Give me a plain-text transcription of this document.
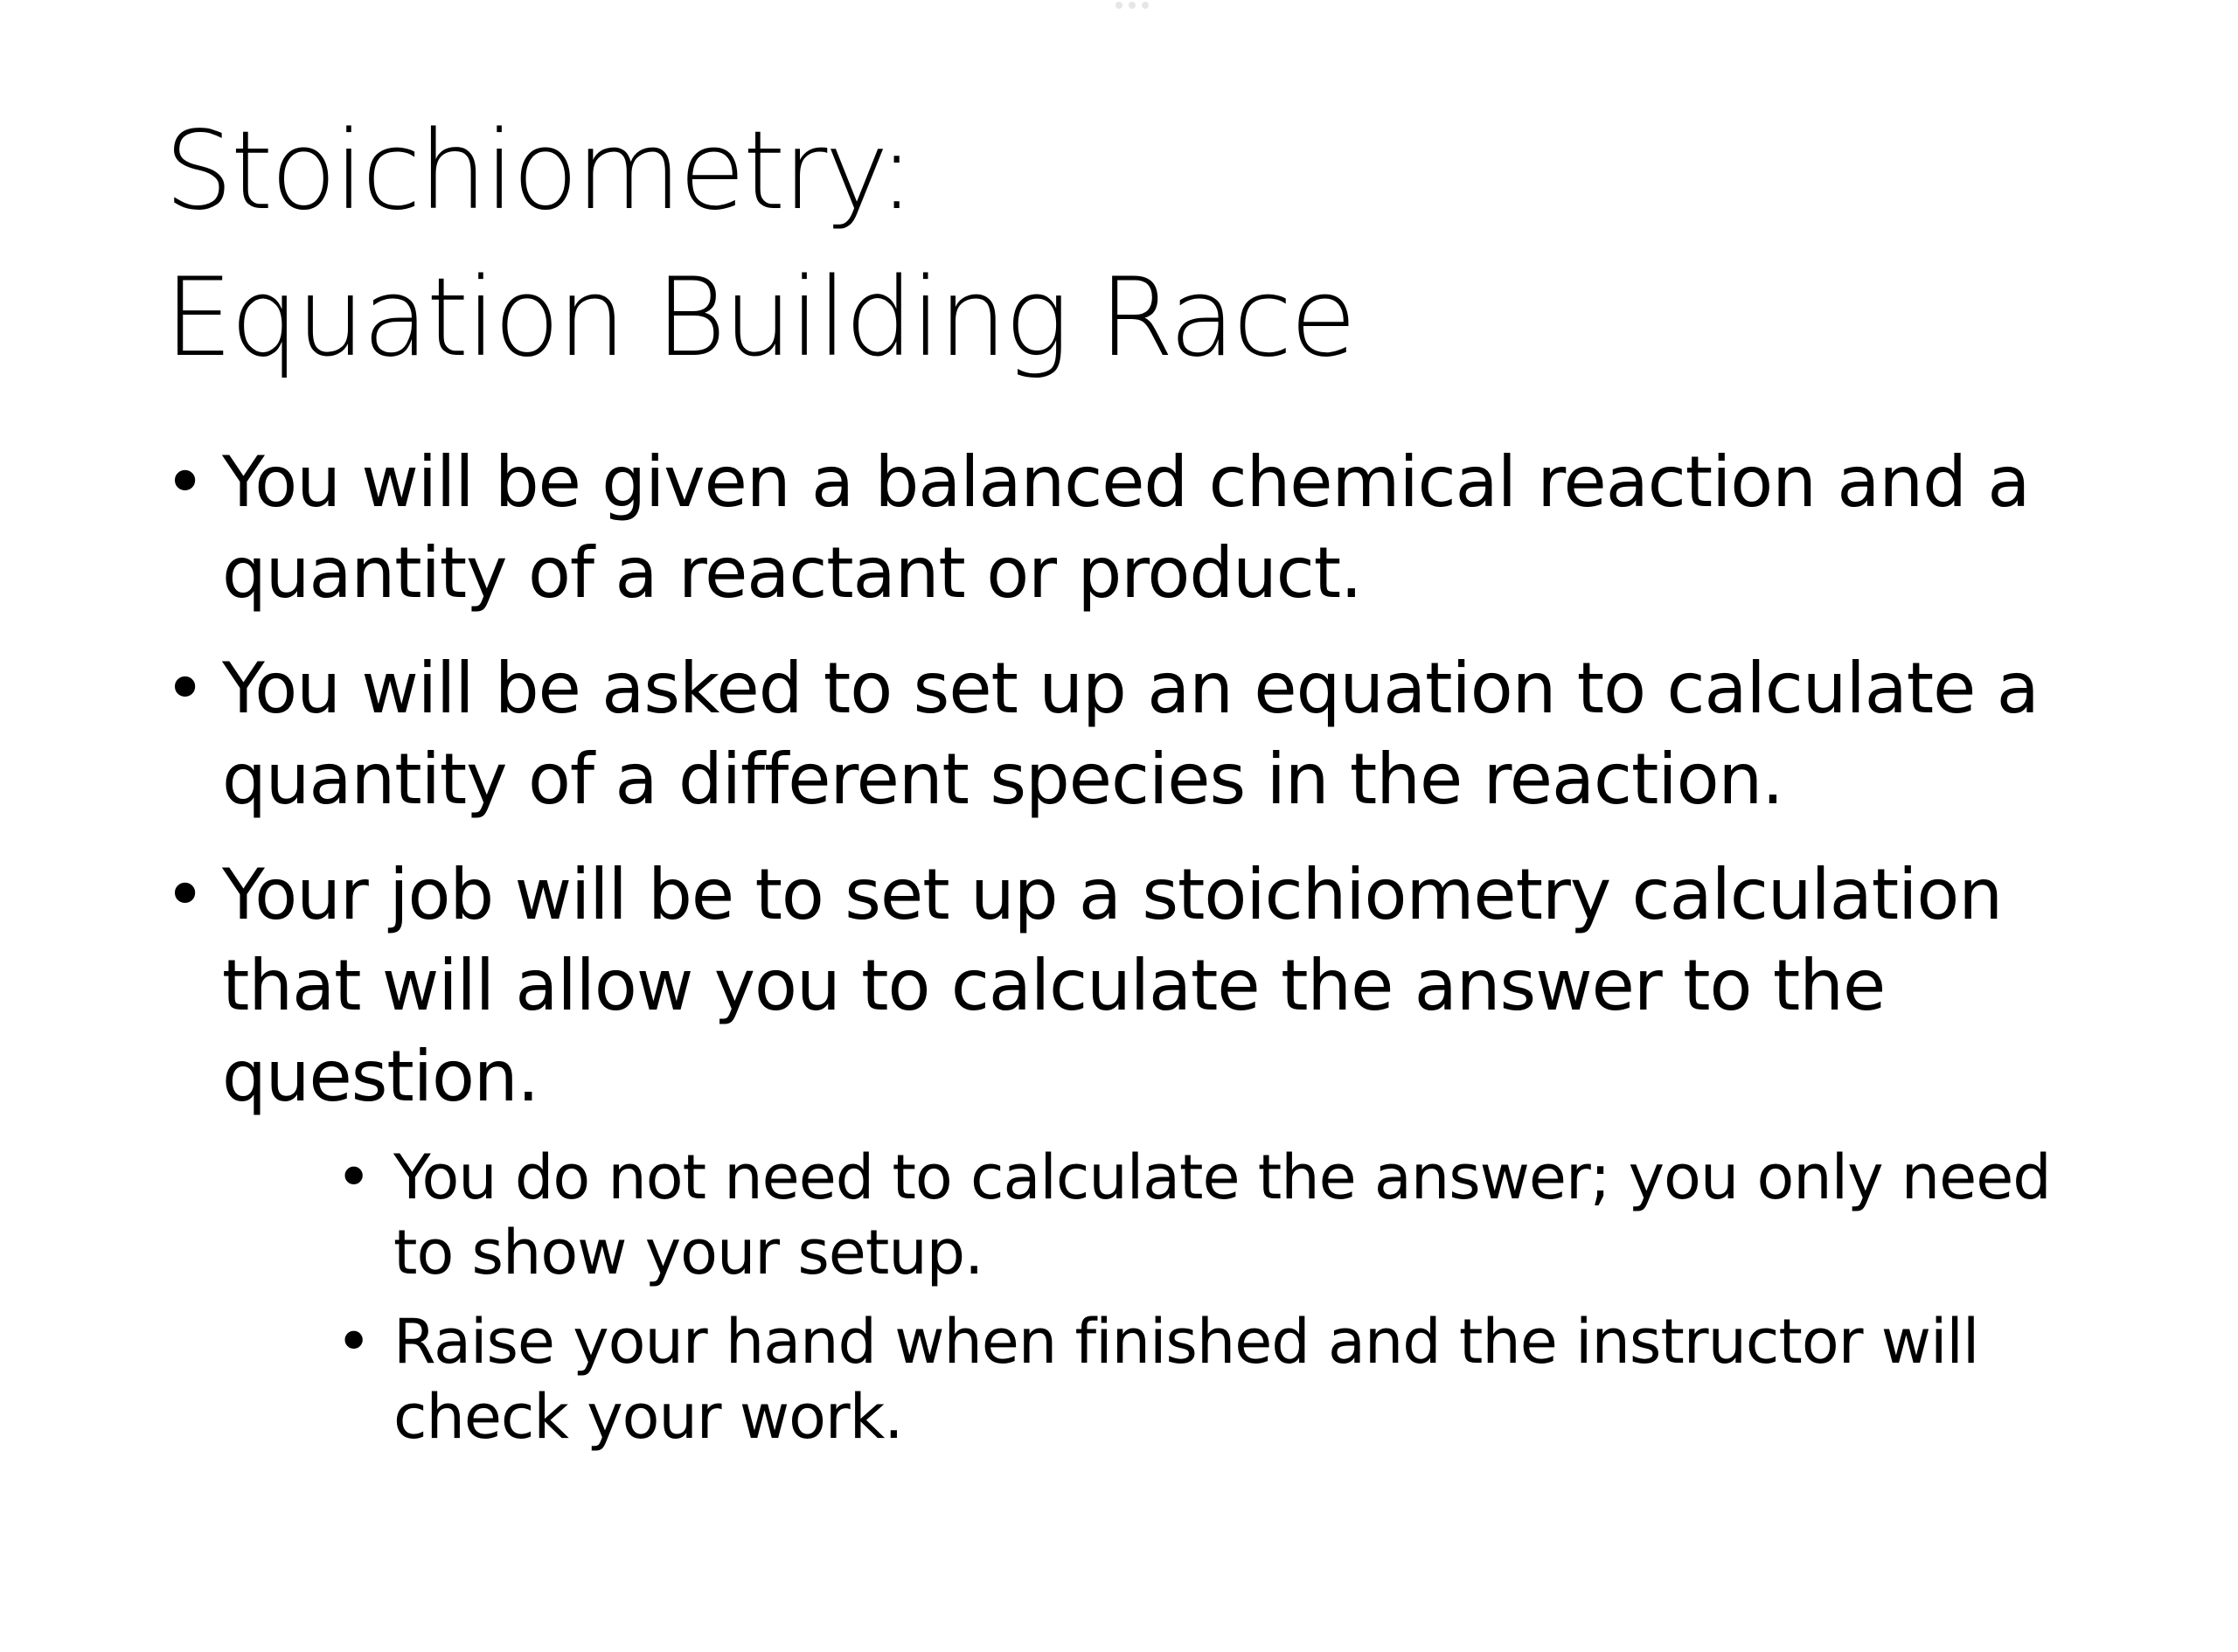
Stoichiometry:
Equation Building Race
• You will be given a balanced chemical reaction and a quantity of a reactant or product.
• You will be asked to set up an equation to calculate a quantity of a different species in the reaction.
• Your job will be to set up a stoichiometry calculation that will allow you to calculate the answer to the question.
• You do not need to calculate the answer; you only need to show your setup.
• Raise your hand when finished and the instructor will check your work.
